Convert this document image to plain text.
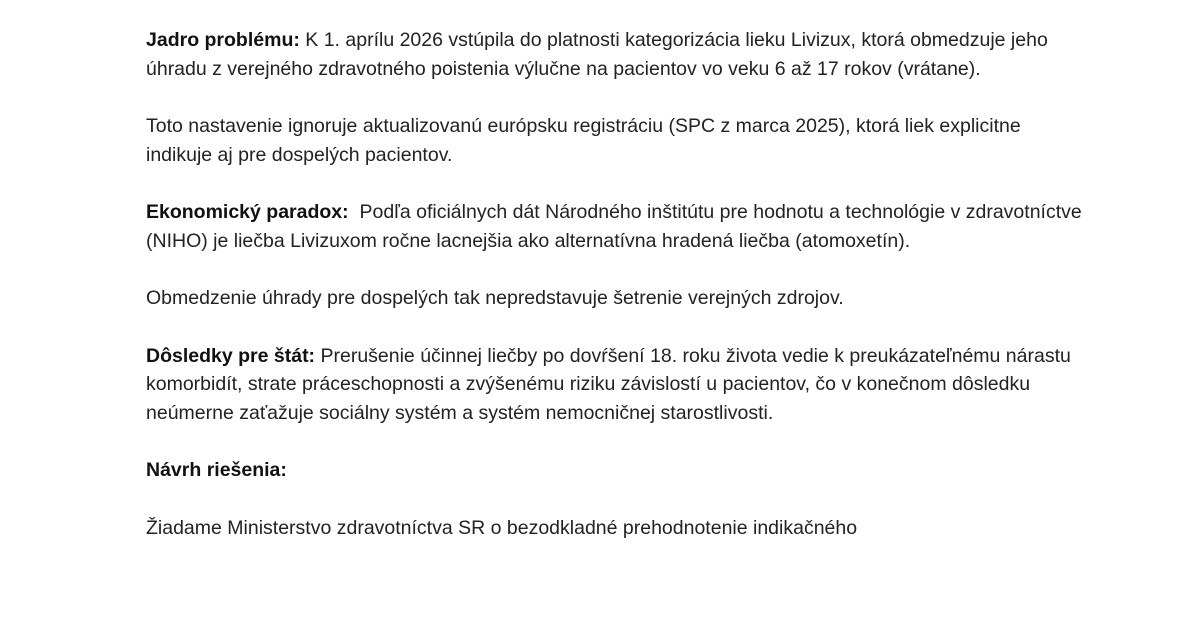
Jadro problému: K 1. aprílu 2026 vstúpila do platnosti kategorizácia lieku Livizux, ktorá obmedzuje jeho úhradu z verejného zdravotného poistenia výlučne na pacientov vo veku 6 až 17 rokov (vrátane).

Toto nastavenie ignoruje aktualizovanú európsku registráciu (SPC z marca 2025), ktorá liek explicitne indikuje aj pre dospelých pacientov.

Ekonomický paradox:  Podľa oficiálnych dát Národného inštitútu pre hodnotu a technológie v zdravotníctve (NIHO) je liečba Livizuxom ročne lacnejšia ako alternatívna hradená liečba (atomoxetín).

Obmedzenie úhrady pre dospelých tak nepredstavuje šetrenie verejných zdrojov.

Dôsledky pre štát: Prerušenie účinnej liečby po dovŕšení 18. roku života vedie k preukázateľnému nárastu komorbidít, strate práceschopnosti a zvýšenému riziku závislostí u pacientov, čo v konečnom dôsledku neúmerne zaťažuje sociálny systém a systém nemocničnej starostlivosti.

Návrh riešenia:

Žiadame Ministerstvo zdravotníctva SR o bezodkladné prehodnotenie indikačného
